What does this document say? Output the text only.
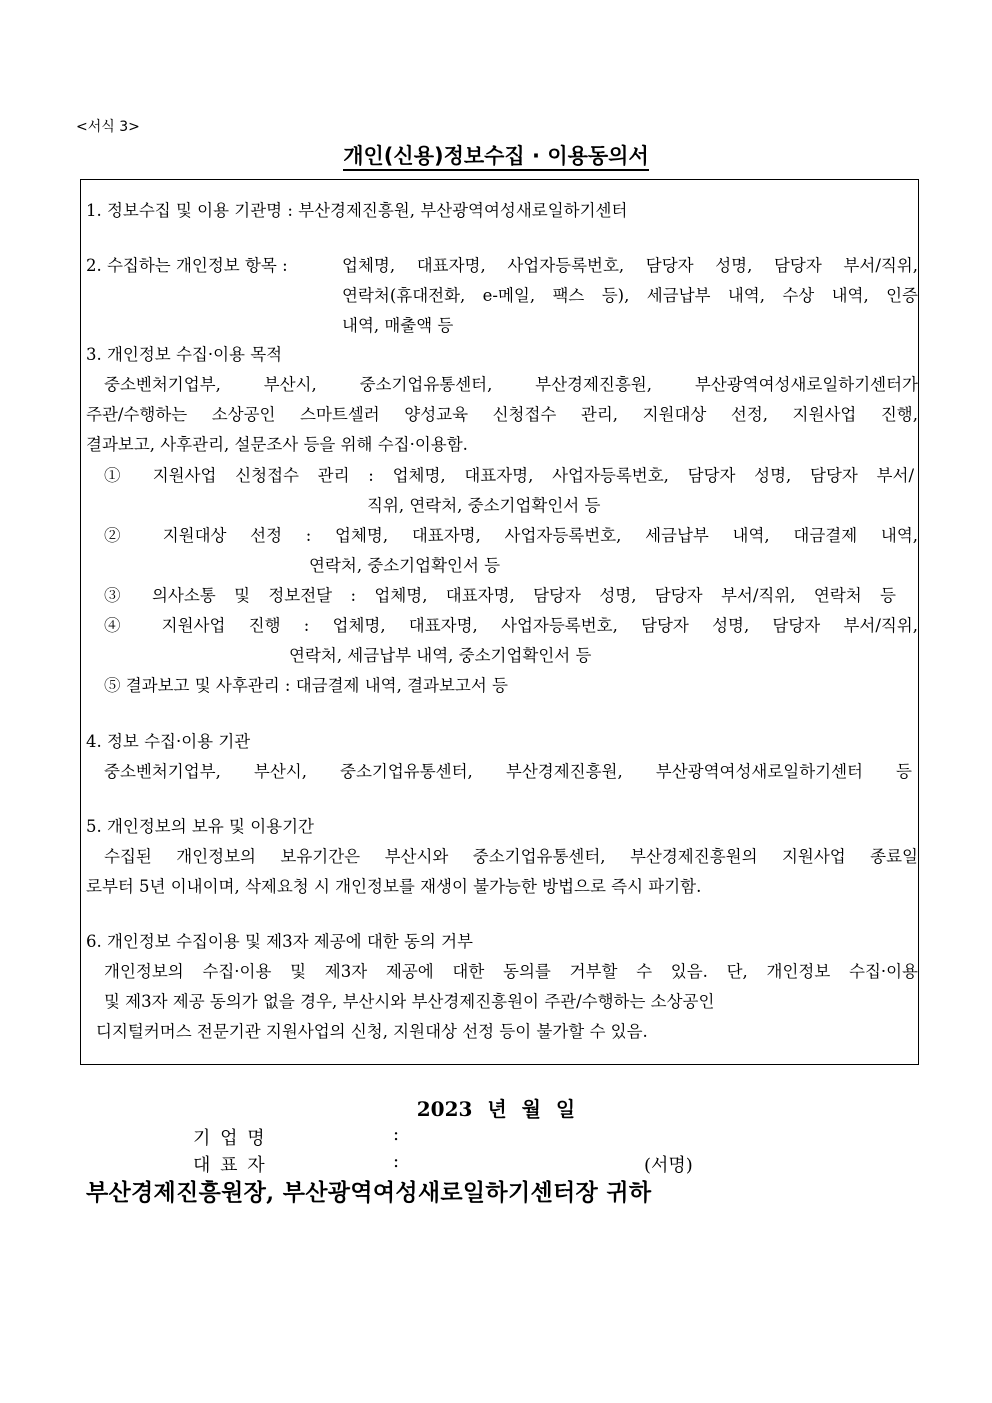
<서식 3>
개인(신용)정보수집 · 이용동의서
1. 정보수집 및 이용 기관명 : 부산경제진흥원, 부산광역여성새로일하기센터
2. 수집하는 개인정보 항목 :	업체명, 대표자명, 사업자등록번호, 담당자 성명, 담당자 부서/직위,
연락처(휴대전화, e-메일, 팩스 등), 세금납부 내역, 수상 내역, 인증
내역, 매출액 등
3. 개인정보 수집·이용 목적
중소벤처기업부, 부산시, 중소기업유통센터, 부산경제진흥원, 부산광역여성새로일하기센터가
주관/수행하는 소상공인 스마트셀러 양성교육 신청접수 관리, 지원대상 선정, 지원사업 진행,
결과보고, 사후관리, 설문조사 등을 위해 수집·이용함.
① 지원사업 신청접수 관리 : 업체명, 대표자명, 사업자등록번호, 담당자 성명, 담당자 부서/
직위, 연락처, 중소기업확인서 등
② 지원대상 선정 : 업체명, 대표자명, 사업자등록번호, 세금납부 내역, 대금결제 내역,
연락처, 중소기업확인서 등
③ 의사소통 및 정보전달 : 업체명, 대표자명, 담당자 성명, 담당자 부서/직위, 연락처 등
④ 지원사업 진행 : 업체명, 대표자명, 사업자등록번호, 담당자 성명, 담당자 부서/직위,
연락처, 세금납부 내역, 중소기업확인서 등
⑤ 결과보고 및 사후관리 : 대금결제 내역, 결과보고서 등
4. 정보 수집·이용 기관
중소벤처기업부, 부산시, 중소기업유통센터, 부산경제진흥원, 부산광역여성새로일하기센터 등
5. 개인정보의 보유 및 이용기간
수집된 개인정보의 보유기간은 부산시와 중소기업유통센터, 부산경제진흥원의 지원사업 종료일
로부터 5년 이내이며, 삭제요청 시 개인정보를 재생이 불가능한 방법으로 즉시 파기함.
6. 개인정보 수집이용 및 제3자 제공에 대한 동의 거부
개인정보의 수집·이용 및 제3자 제공에 대한 동의를 거부할 수 있음. 단, 개인정보 수집·이용
및 제3자 제공 동의가 없을 경우, 부산시와 부산경제진흥원이 주관/수행하는 소상공인
디지털커머스 전문기관 지원사업의 신청, 지원대상 선정 등이 불가할 수 있음.
2023 년 월 일
기 업 명	:
대 표 자	:	(서명)
부산경제진흥원장, 부산광역여성새로일하기센터장 귀하
